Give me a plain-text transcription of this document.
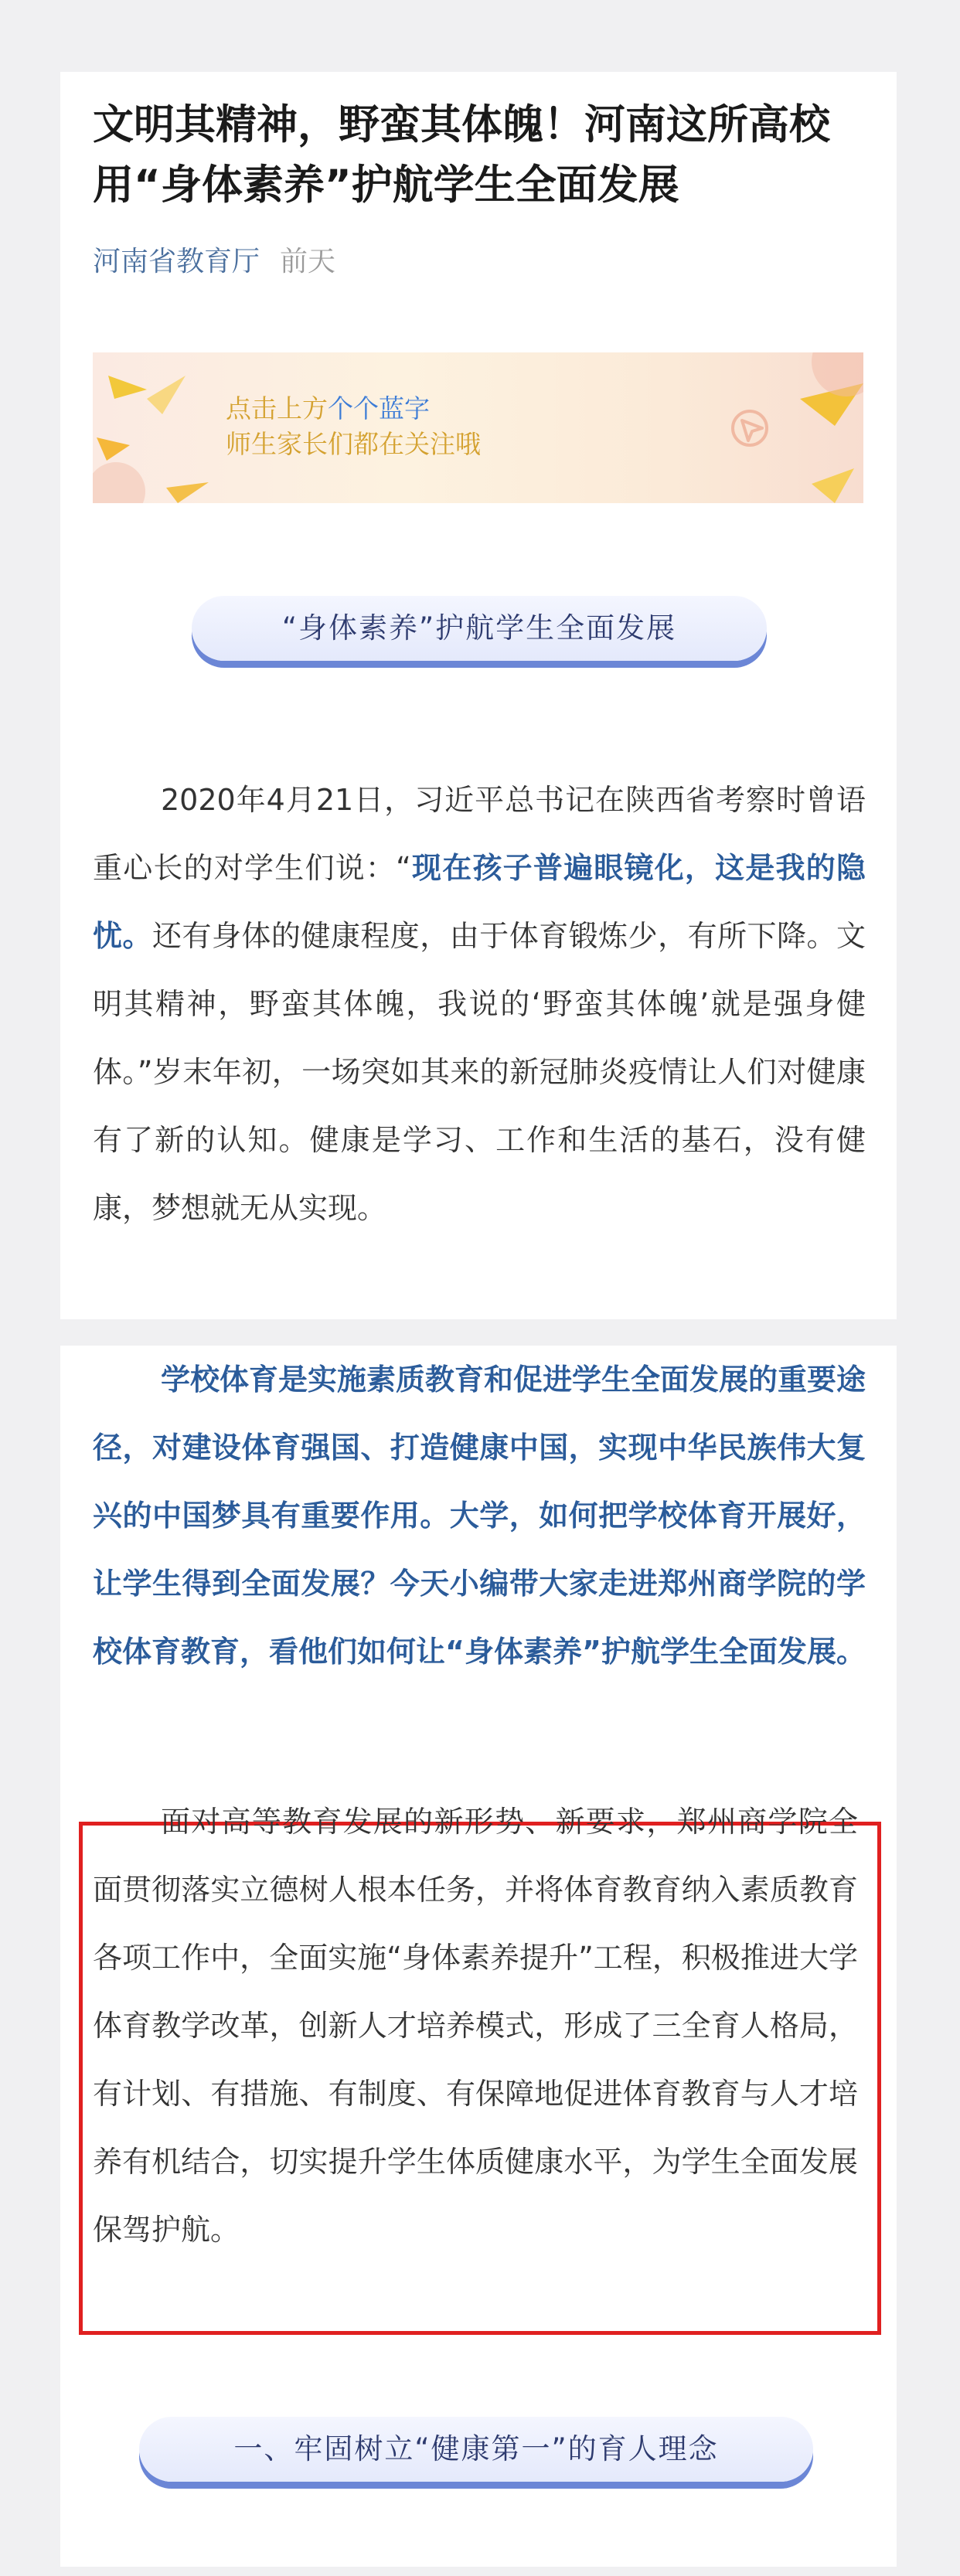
文明其精神，野蛮其体魄！河南这所高校用“身体素养”护航学生全面发展
河南省教育厅 前天
点击上方个个蓝字
师生家长们都在关注哦
“身体素养”护航学生全面发展

2020年4月21日，习近平总书记在陕西省考察时曾语重心长的对学生们说：“现在孩子普遍眼镜化，这是我的隐忧。还有身体的健康程度，由于体育锻炼少，有所下降。文明其精神，野蛮其体魄，我说的‘野蛮其体魄’就是强身健体。”岁末年初，一场突如其来的新冠肺炎疫情让人们对健康有了新的认知。健康是学习、工作和生活的基石，没有健康，梦想就无从实现。

学校体育是实施素质教育和促进学生全面发展的重要途径，对建设体育强国、打造健康中国，实现中华民族伟大复兴的中国梦具有重要作用。大学，如何把学校体育开展好，让学生得到全面发展？今天小编带大家走进郑州商学院的学校体育教育，看他们如何让“身体素养”护航学生全面发展。

面对高等教育发展的新形势、新要求，郑州商学院全面贯彻落实立德树人根本任务，并将体育教育纳入素质教育各项工作中，全面实施“身体素养提升”工程，积极推进大学体育教学改革，创新人才培养模式，形成了三全育人格局，有计划、有措施、有制度、有保障地促进体育教育与人才培养有机结合，切实提升学生体质健康水平，为学生全面发展保驾护航。

一、牢固树立“健康第一”的育人理念
